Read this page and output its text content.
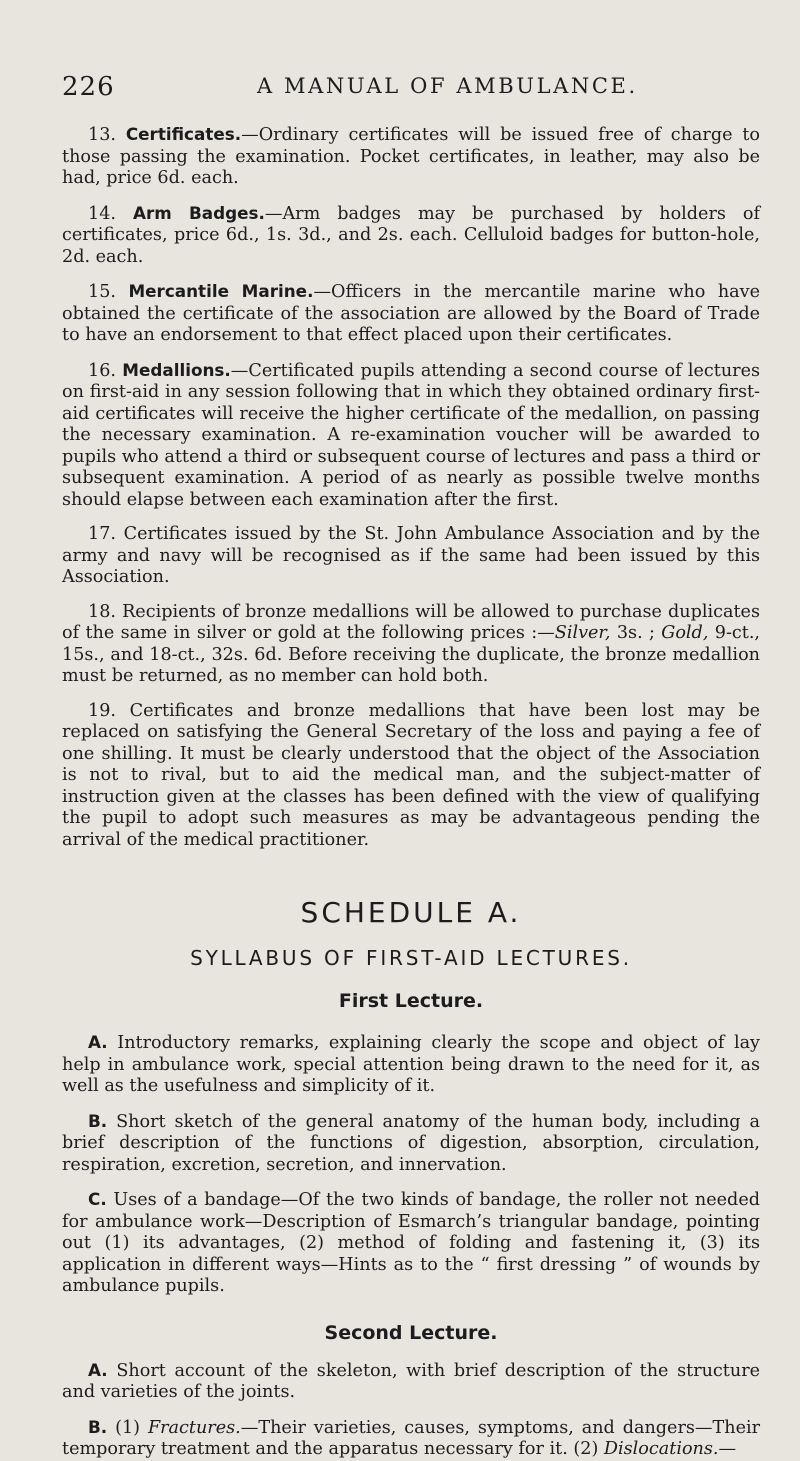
226	A MANUAL OF AMBULANCE.

13. Certificates.—Ordinary certificates will be issued free of charge to those passing the examination. Pocket certificates, in leather, may also be had, price 6d. each.

14. Arm Badges.—Arm badges may be purchased by holders of certificates, price 6d., 1s. 3d., and 2s. each. Celluloid badges for button-hole, 2d. each.

15. Mercantile Marine.—Officers in the mercantile marine who have obtained the certificate of the association are allowed by the Board of Trade to have an endorsement to that effect placed upon their certificates.

16. Medallions.—Certificated pupils attending a second course of lectures on first-aid in any session following that in which they obtained ordinary first-aid certificates will receive the higher certificate of the medallion, on passing the necessary examination. A re-examination voucher will be awarded to pupils who attend a third or subsequent course of lectures and pass a third or subsequent examination. A period of as nearly as possible twelve months should elapse between each examination after the first.

17. Certificates issued by the St. John Ambulance Association and by the army and navy will be recognised as if the same had been issued by this Association.

18. Recipients of bronze medallions will be allowed to purchase duplicates of the same in silver or gold at the following prices :—Silver, 3s. ; Gold, 9-ct., 15s., and 18-ct., 32s. 6d. Before receiving the duplicate, the bronze medallion must be returned, as no member can hold both.

19. Certificates and bronze medallions that have been lost may be replaced on satisfying the General Secretary of the loss and paying a fee of one shilling. It must be clearly understood that the object of the Association is not to rival, but to aid the medical man, and the subject-matter of instruction given at the classes has been defined with the view of qualifying the pupil to adopt such measures as may be advantageous pending the arrival of the medical practitioner.

SCHEDULE A.
SYLLABUS OF FIRST-AID LECTURES.
First Lecture.

A. Introductory remarks, explaining clearly the scope and object of lay help in ambulance work, special attention being drawn to the need for it, as well as the usefulness and simplicity of it.

B. Short sketch of the general anatomy of the human body, including a brief description of the functions of digestion, absorption, circulation, respiration, excretion, secretion, and innervation.

C. Uses of a bandage—Of the two kinds of bandage, the roller not needed for ambulance work—Description of Esmarch’s triangular bandage, pointing out (1) its advantages, (2) method of folding and fastening it, (3) its application in different ways—Hints as to the “ first dressing ” of wounds by ambulance pupils.

Second Lecture.

A. Short account of the skeleton, with brief description of the structure and varieties of the joints.

B. (1) Fractures.—Their varieties, causes, symptoms, and dangers—Their temporary treatment and the apparatus necessary for it. (2) Dislocations.—
